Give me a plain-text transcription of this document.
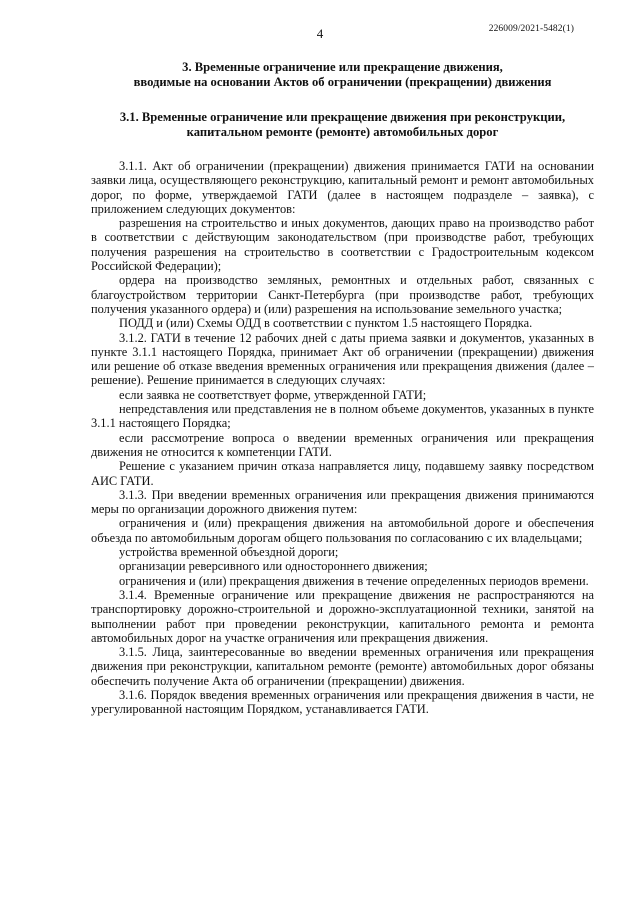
4	226009/2021-5482(1)
3. Временные ограничение или прекращение движения,
вводимые на основании Актов об ограничении (прекращении) движения
3.1. Временные ограничение или прекращение движения при реконструкции,
капитальном ремонте (ремонте) автомобильных дорог

3.1.1. Акт об ограничении (прекращении) движения принимается ГАТИ на основании заявки лица, осуществляющего реконструкцию, капитальный ремонт и ремонт автомобильных дорог, по форме, утверждаемой ГАТИ (далее в настоящем подразделе – заявка), с приложением следующих документов:

разрешения на строительство и иных документов, дающих право на производство работ в соответствии с действующим законодательством (при производстве работ, требующих получения разрешения на строительство в соответствии с Градостроительным кодексом Российской Федерации);

ордера на производство земляных, ремонтных и отдельных работ, связанных с благоустройством территории Санкт-Петербурга (при производстве работ, требующих получения указанного ордера) и (или) разрешения на использование земельного участка;

ПОДД и (или) Схемы ОДД в соответствии с пунктом 1.5 настоящего Порядка.

3.1.2. ГАТИ в течение 12 рабочих дней с даты приема заявки и документов, указанных в пункте 3.1.1 настоящего Порядка, принимает Акт об ограничении (прекращении) движения или решение об отказе введения временных ограничения или прекращения движения (далее – решение). Решение принимается в следующих случаях:

если заявка не соответствует форме, утвержденной ГАТИ;

непредставления или представления не в полном объеме документов, указанных в пункте 3.1.1 настоящего Порядка;

если рассмотрение вопроса о введении временных ограничения или прекращения движения не относится к компетенции ГАТИ.

Решение с указанием причин отказа направляется лицу, подавшему заявку посредством АИС ГАТИ.

3.1.3. При введении временных ограничения или прекращения движения принимаются меры по организации дорожного движения путем:

ограничения и (или) прекращения движения на автомобильной дороге и обеспечения объезда по автомобильным дорогам общего пользования по согласованию с их владельцами;

устройства временной объездной дороги;

организации реверсивного или одностороннего движения;

ограничения и (или) прекращения движения в течение определенных периодов времени.

3.1.4. Временные ограничение или прекращение движения не распространяются на транспортировку дорожно-строительной и дорожно-эксплуатационной техники, занятой на выполнении работ при проведении реконструкции, капитального ремонта и ремонта автомобильных дорог на участке ограничения или прекращения движения.

3.1.5. Лица, заинтересованные во введении временных ограничения или прекращения движения при реконструкции, капитальном ремонте (ремонте) автомобильных дорог обязаны обеспечить получение Акта об ограничении (прекращении) движения.

3.1.6. Порядок введения временных ограничения или прекращения движения в части, не урегулированной настоящим Порядком, устанавливается ГАТИ.
